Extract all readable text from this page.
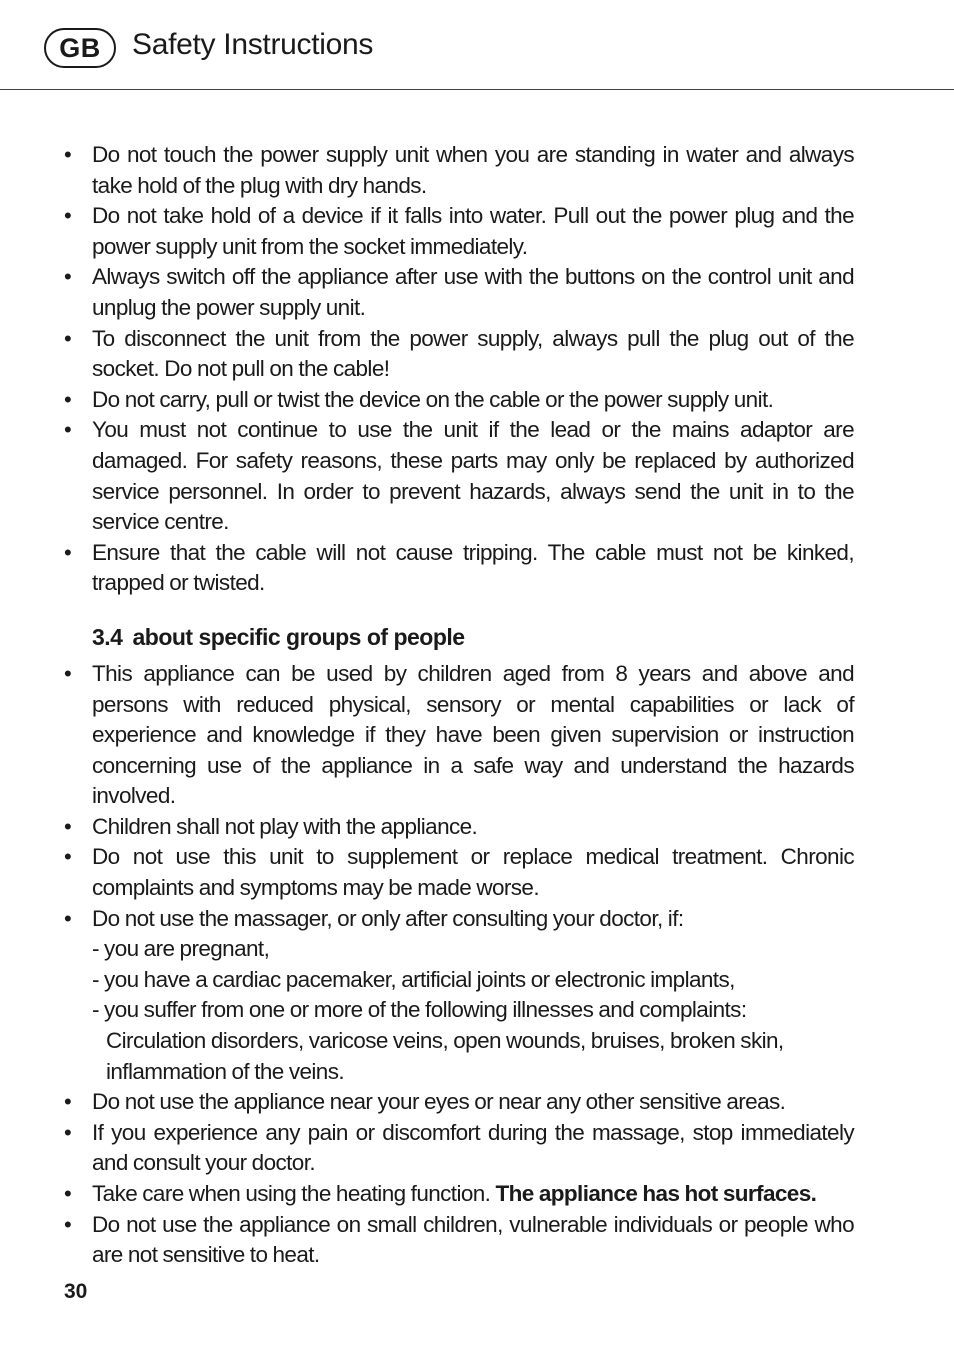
GB	Safety Instructions
• Do not touch the power supply unit when you are standing in water and always take hold of the plug with dry hands.
• Do not take hold of a device if it falls into water. Pull out the power plug and the power supply unit from the socket immediately.
• Always switch off the appliance after use with the buttons on the control unit and unplug the power supply unit.
• To disconnect the unit from the power supply, always pull the plug out of the socket. Do not pull on the cable!
• Do not carry, pull or twist the device on the cable or the power supply unit.
• You must not continue to use the unit if the lead or the mains adaptor are damaged. For safety reasons, these parts may only be replaced by authorized service personnel. In order to prevent hazards, always send the unit in to the service centre.
• Ensure that the cable will not cause tripping. The cable must not be kinked, trapped or twisted.
3.4 about specific groups of people
• This appliance can be used by children aged from 8 years and above and persons with reduced physical, sensory or mental capabilities or lack of experience and knowledge if they have been given supervision or instruction concerning use of the appliance in a safe way and understand the hazards involved.
• Children shall not play with the appliance.
• Do not use this unit to supplement or replace medical treatment. Chronic complaints and symptoms may be made worse.
• Do not use the massager, or only after consulting your doctor, if:
- you are pregnant,
- you have a cardiac pacemaker, artificial joints or electronic implants,
- you suffer from one or more of the following illnesses and complaints:
Circulation disorders, varicose veins, open wounds, bruises, broken skin,
inflammation of the veins.
• Do not use the appliance near your eyes or near any other sensitive areas.
• If you experience any pain or discomfort during the massage, stop immediately and consult your doctor.
• Take care when using the heating function. The appliance has hot surfaces.
• Do not use the appliance on small children, vulnerable individuals or people who are not sensitive to heat.
30
